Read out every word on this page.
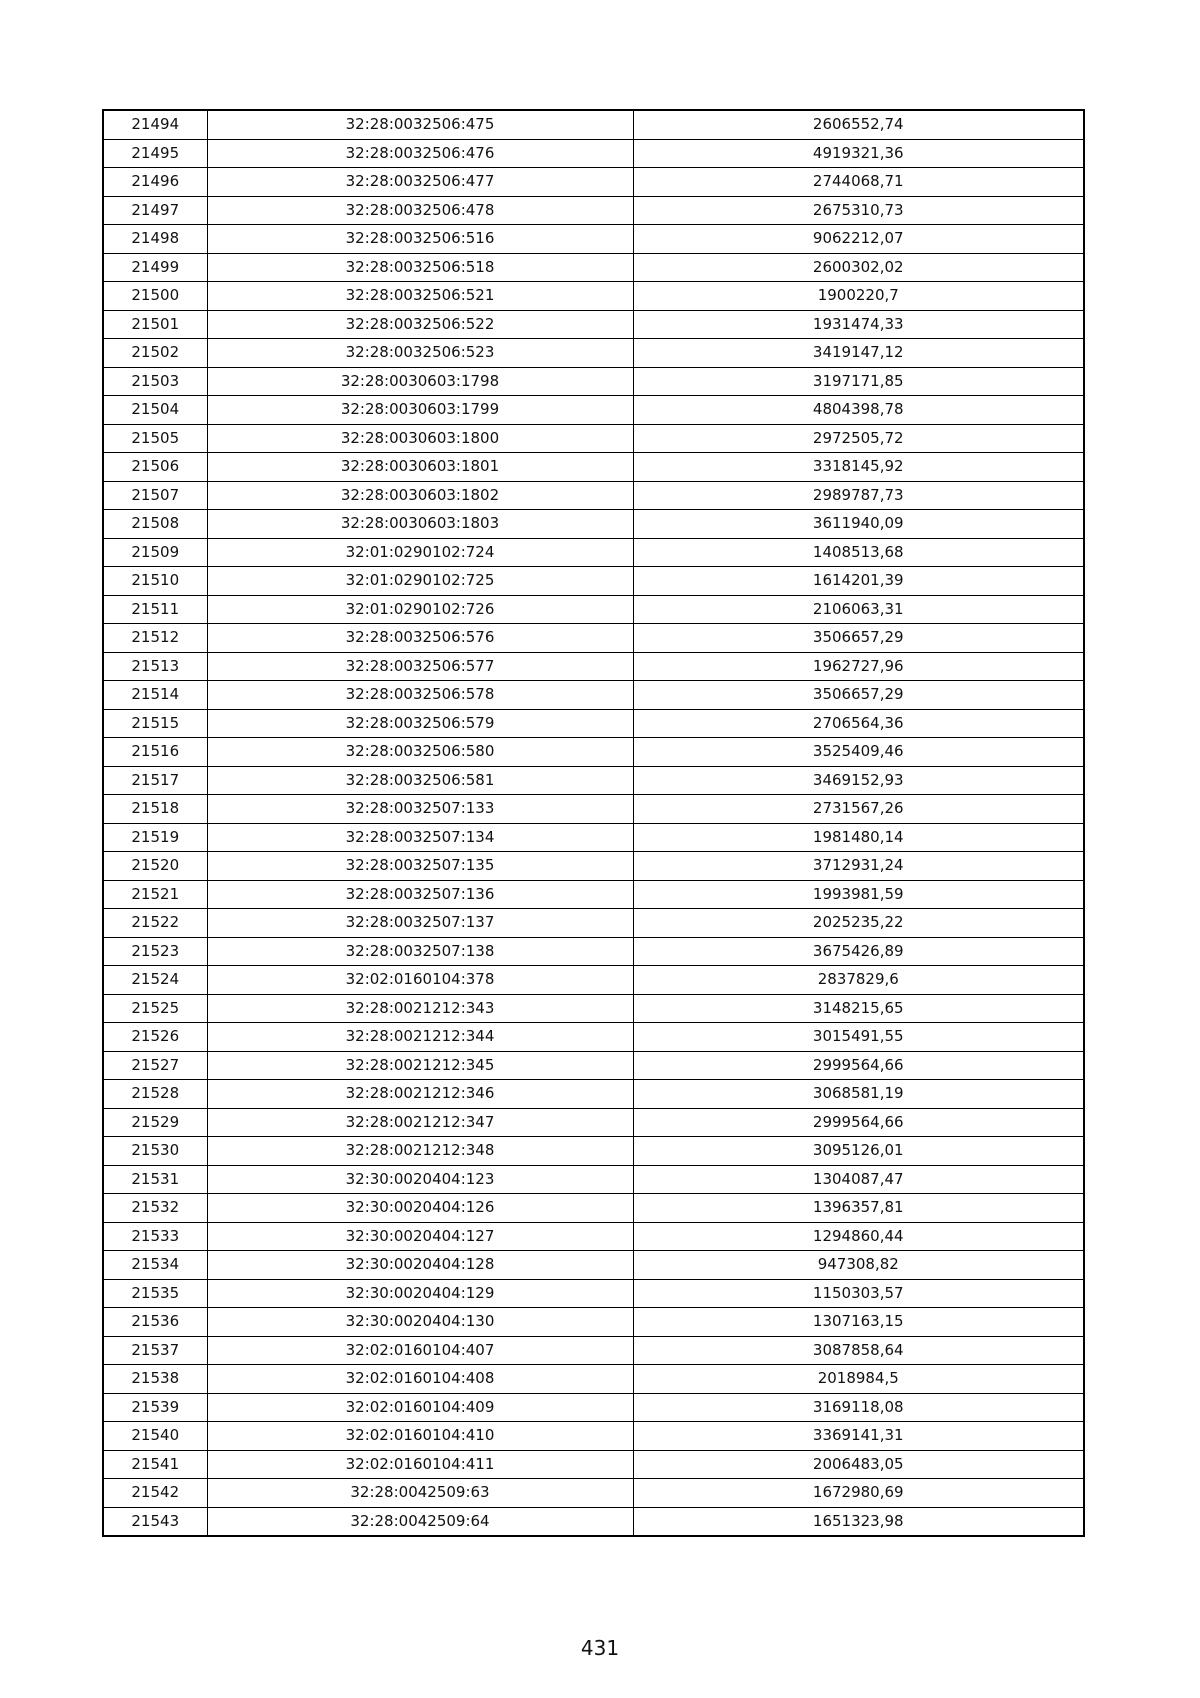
21494	32:28:0032506:475	2606552,74
21495	32:28:0032506:476	4919321,36
21496	32:28:0032506:477	2744068,71
21497	32:28:0032506:478	2675310,73
21498	32:28:0032506:516	9062212,07
21499	32:28:0032506:518	2600302,02
21500	32:28:0032506:521	1900220,7
21501	32:28:0032506:522	1931474,33
21502	32:28:0032506:523	3419147,12
21503	32:28:0030603:1798	3197171,85
21504	32:28:0030603:1799	4804398,78
21505	32:28:0030603:1800	2972505,72
21506	32:28:0030603:1801	3318145,92
21507	32:28:0030603:1802	2989787,73
21508	32:28:0030603:1803	3611940,09
21509	32:01:0290102:724	1408513,68
21510	32:01:0290102:725	1614201,39
21511	32:01:0290102:726	2106063,31
21512	32:28:0032506:576	3506657,29
21513	32:28:0032506:577	1962727,96
21514	32:28:0032506:578	3506657,29
21515	32:28:0032506:579	2706564,36
21516	32:28:0032506:580	3525409,46
21517	32:28:0032506:581	3469152,93
21518	32:28:0032507:133	2731567,26
21519	32:28:0032507:134	1981480,14
21520	32:28:0032507:135	3712931,24
21521	32:28:0032507:136	1993981,59
21522	32:28:0032507:137	2025235,22
21523	32:28:0032507:138	3675426,89
21524	32:02:0160104:378	2837829,6
21525	32:28:0021212:343	3148215,65
21526	32:28:0021212:344	3015491,55
21527	32:28:0021212:345	2999564,66
21528	32:28:0021212:346	3068581,19
21529	32:28:0021212:347	2999564,66
21530	32:28:0021212:348	3095126,01
21531	32:30:0020404:123	1304087,47
21532	32:30:0020404:126	1396357,81
21533	32:30:0020404:127	1294860,44
21534	32:30:0020404:128	947308,82
21535	32:30:0020404:129	1150303,57
21536	32:30:0020404:130	1307163,15
21537	32:02:0160104:407	3087858,64
21538	32:02:0160104:408	2018984,5
21539	32:02:0160104:409	3169118,08
21540	32:02:0160104:410	3369141,31
21541	32:02:0160104:411	2006483,05
21542	32:28:0042509:63	1672980,69
21543	32:28:0042509:64	1651323,98
431
